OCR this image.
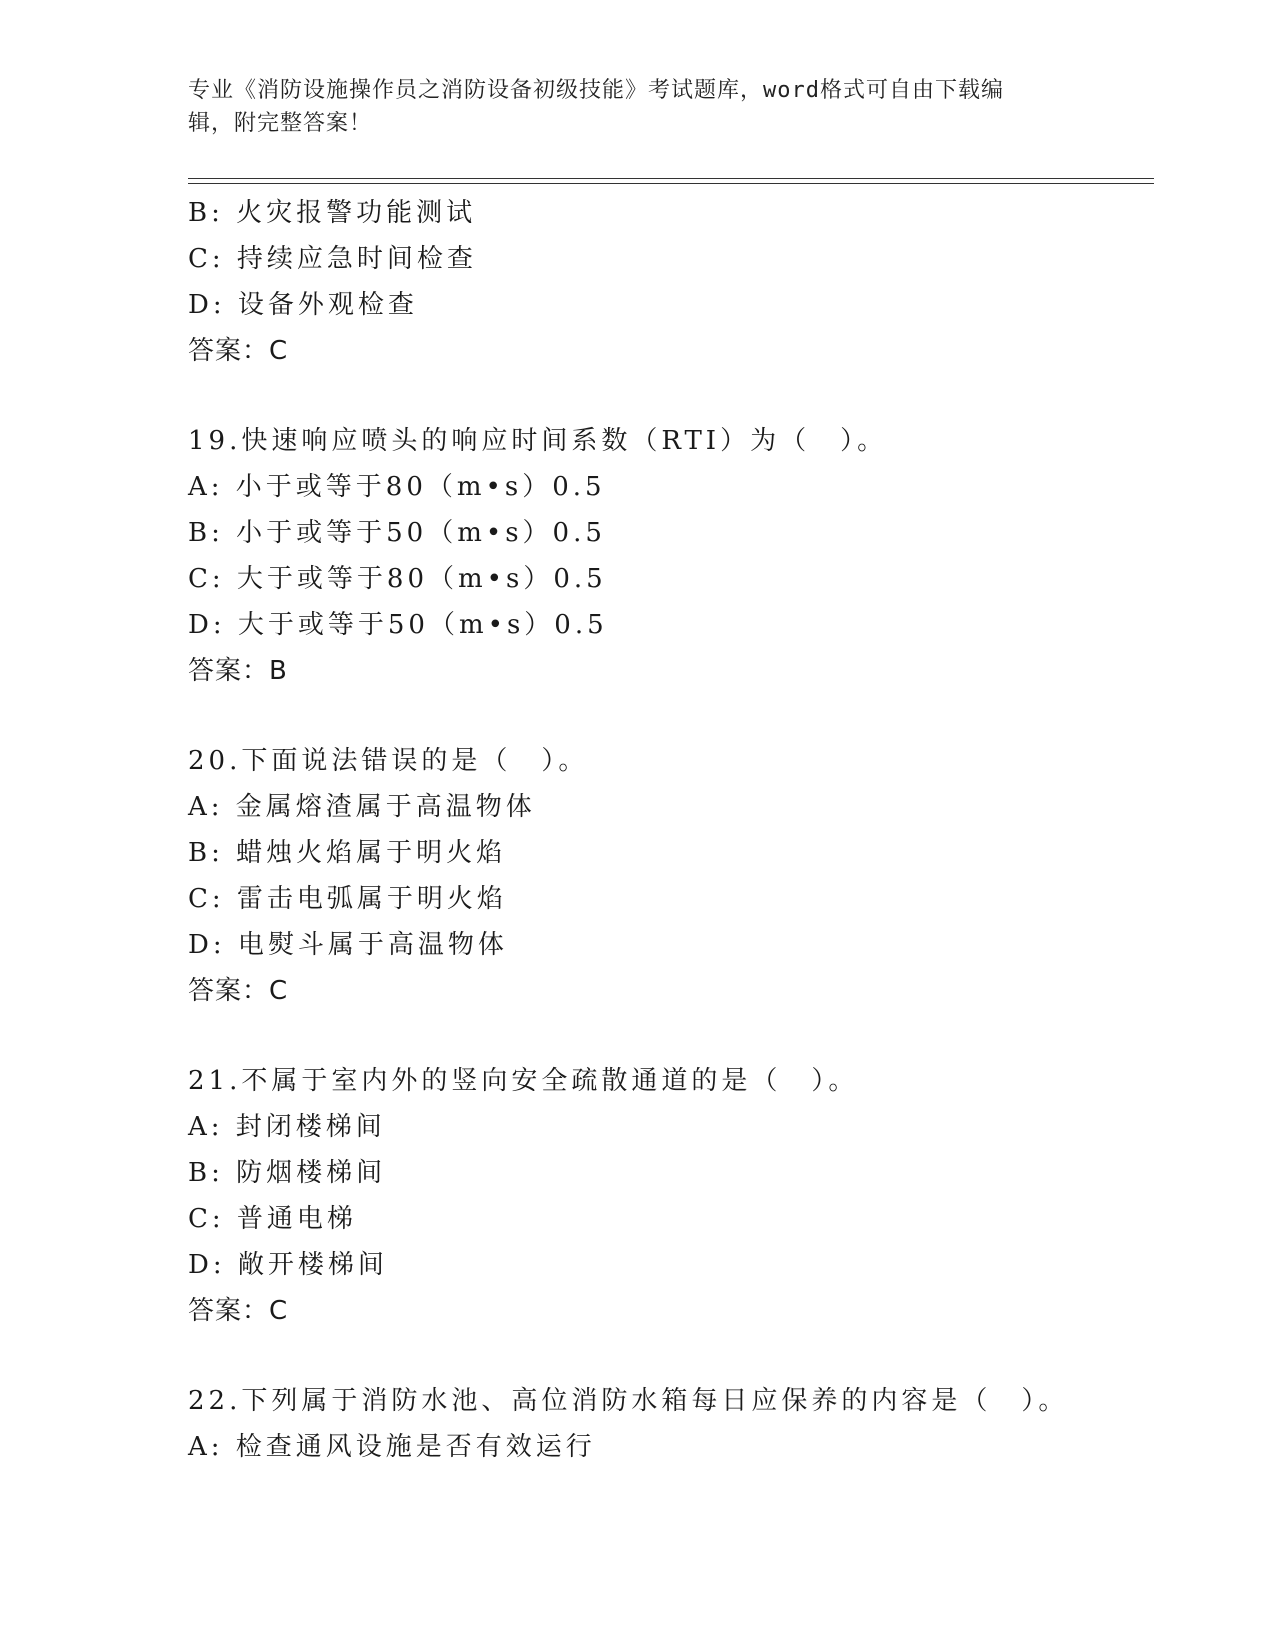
专业《消防设施操作员之消防设备初级技能》考试题库，word格式可自由下载编
辑，附完整答案！
B: 火灾报警功能测试
C: 持续应急时间检查
D: 设备外观检查
答案：C
19.快速响应喷头的响应时间系数（RTI）为（　）。
A: 小于或等于80（m•s）0.5
B: 小于或等于50（m•s）0.5
C: 大于或等于80（m•s）0.5
D: 大于或等于50（m•s）0.5
答案：B
20.下面说法错误的是（　）。
A: 金属熔渣属于高温物体
B: 蜡烛火焰属于明火焰
C: 雷击电弧属于明火焰
D: 电熨斗属于高温物体
答案：C
21.不属于室内外的竖向安全疏散通道的是（　）。
A: 封闭楼梯间
B: 防烟楼梯间
C: 普通电梯
D: 敞开楼梯间
答案：C
22.下列属于消防水池、高位消防水箱每日应保养的内容是（　）。
A: 检查通风设施是否有效运行
